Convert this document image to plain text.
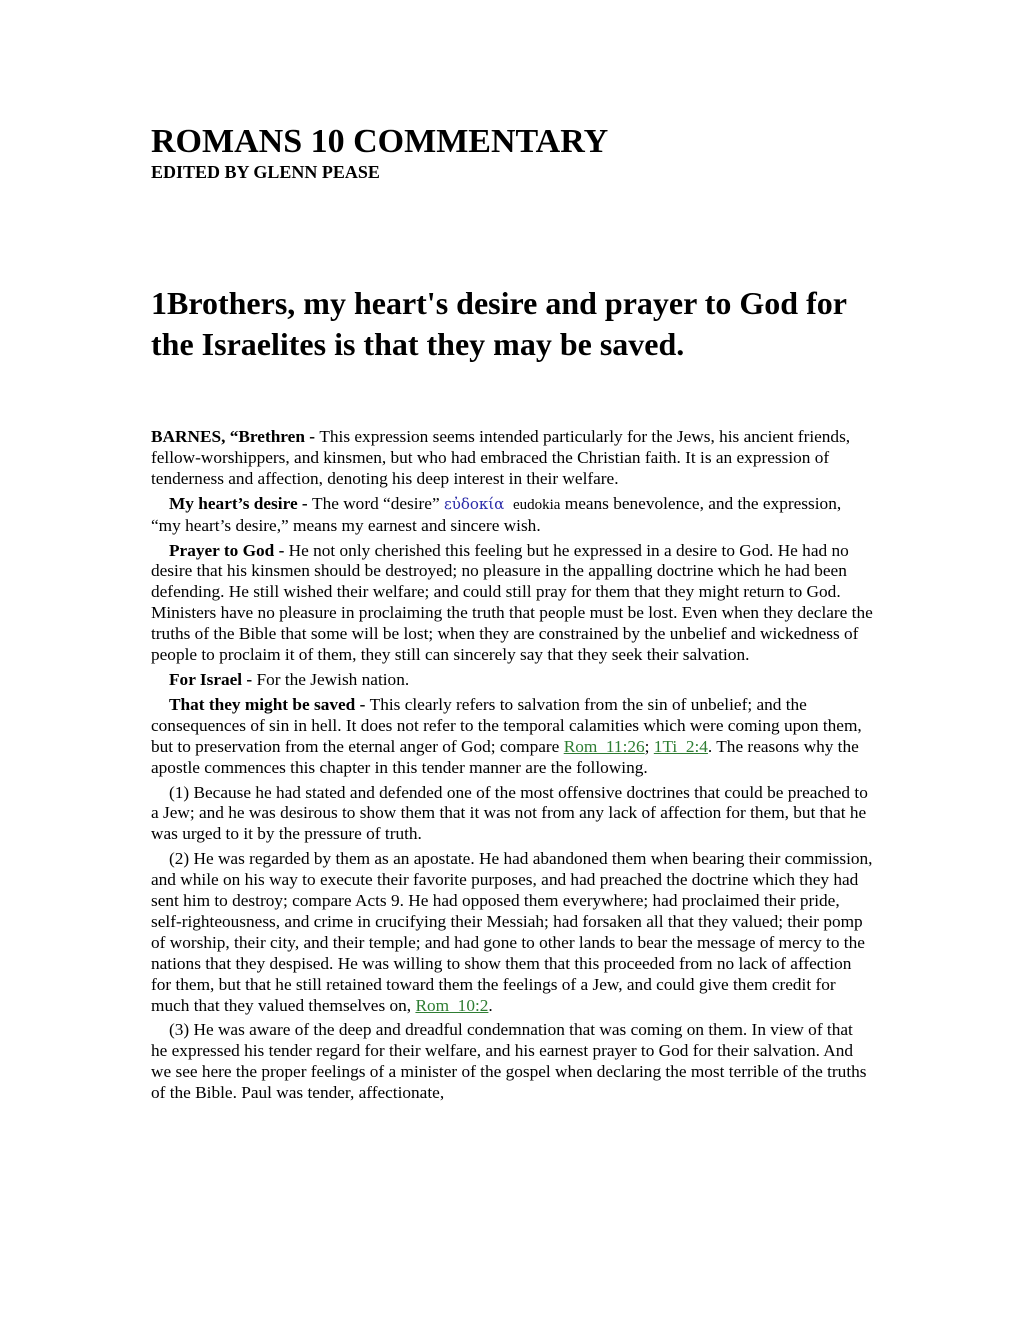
ROMANS 10 COMMENTARY
EDITED BY GLENN PEASE
1Brothers, my heart's desire and prayer to God for the Israelites is that they may be saved.

BARNES, “Brethren - This expression seems intended particularly for the Jews, his ancient friends, fellow-worshippers, and kinsmen, but who had embraced the Christian faith. It is an expression of tenderness and affection, denoting his deep interest in their welfare.

My heart’s desire - The word “desire” εὐδοκία eudokia means benevolence, and the expression, “my heart’s desire,” means my earnest and sincere wish.

Prayer to God - He not only cherished this feeling but he expressed in a desire to God. He had no desire that his kinsmen should be destroyed; no pleasure in the appalling doctrine which he had been defending. He still wished their welfare; and could still pray for them that they might return to God. Ministers have no pleasure in proclaiming the truth that people must be lost. Even when they declare the truths of the Bible that some will be lost; when they are constrained by the unbelief and wickedness of people to proclaim it of them, they still can sincerely say that they seek their salvation.

For Israel - For the Jewish nation.

That they might be saved - This clearly refers to salvation from the sin of unbelief; and the consequences of sin in hell. It does not refer to the temporal calamities which were coming upon them, but to preservation from the eternal anger of God; compare Rom_11:26; 1Ti_2:4. The reasons why the apostle commences this chapter in this tender manner are the following.

(1) Because he had stated and defended one of the most offensive doctrines that could be preached to a Jew; and he was desirous to show them that it was not from any lack of affection for them, but that he was urged to it by the pressure of truth.

(2) He was regarded by them as an apostate. He had abandoned them when bearing their commission, and while on his way to execute their favorite purposes, and had preached the doctrine which they had sent him to destroy; compare Acts 9. He had opposed them everywhere; had proclaimed their pride, self-righteousness, and crime in crucifying their Messiah; had forsaken all that they valued; their pomp of worship, their city, and their temple; and had gone to other lands to bear the message of mercy to the nations that they despised. He was willing to show them that this proceeded from no lack of affection for them, but that he still retained toward them the feelings of a Jew, and could give them credit for much that they valued themselves on, Rom_10:2.

(3) He was aware of the deep and dreadful condemnation that was coming on them. In view of that he expressed his tender regard for their welfare, and his earnest prayer to God for their salvation. And we see here the proper feelings of a minister of the gospel when declaring the most terrible of the truths of the Bible. Paul was tender, affectionate,
